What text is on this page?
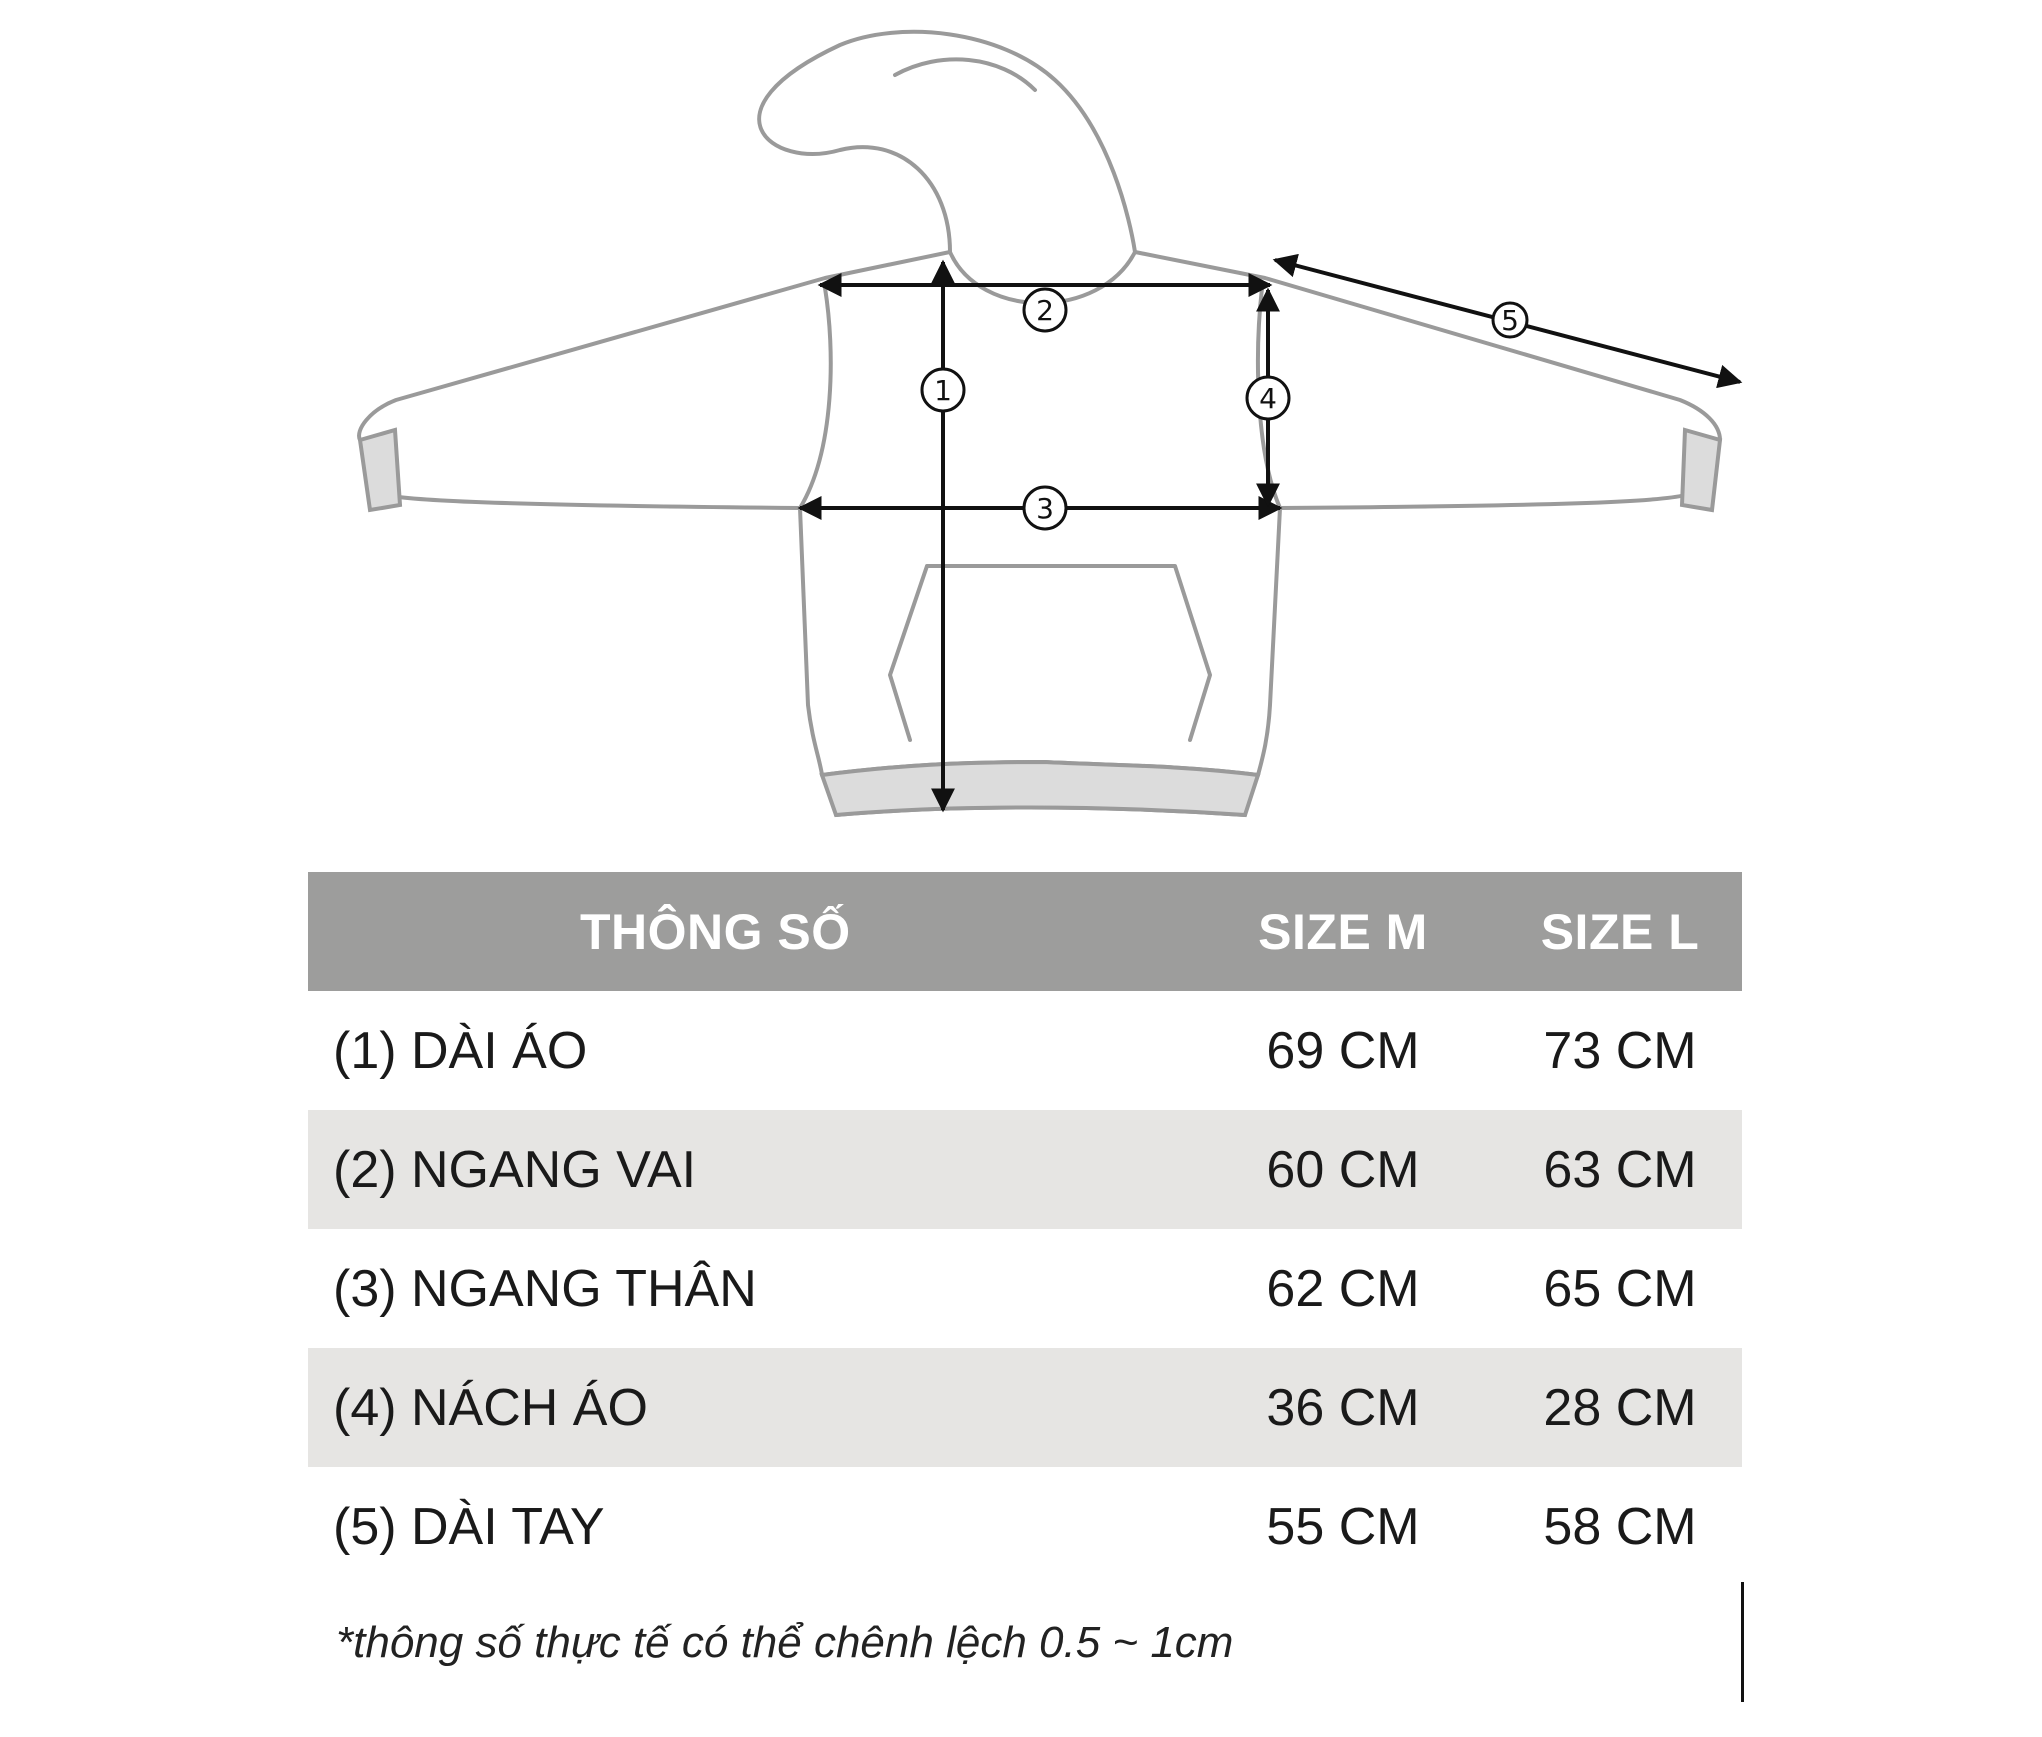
1
2
3
4
5
THÔNG SỐ	SIZE M	SIZE L
(1) DÀI ÁO	69 CM	73 CM
(2) NGANG VAI	60 CM	63 CM
(3) NGANG THÂN	62 CM	65 CM
(4) NÁCH ÁO	36 CM	28 CM
(5) DÀI TAY	55 CM	58 CM
*thông số thực tế có thể chênh lệch 0.5 ~ 1cm
